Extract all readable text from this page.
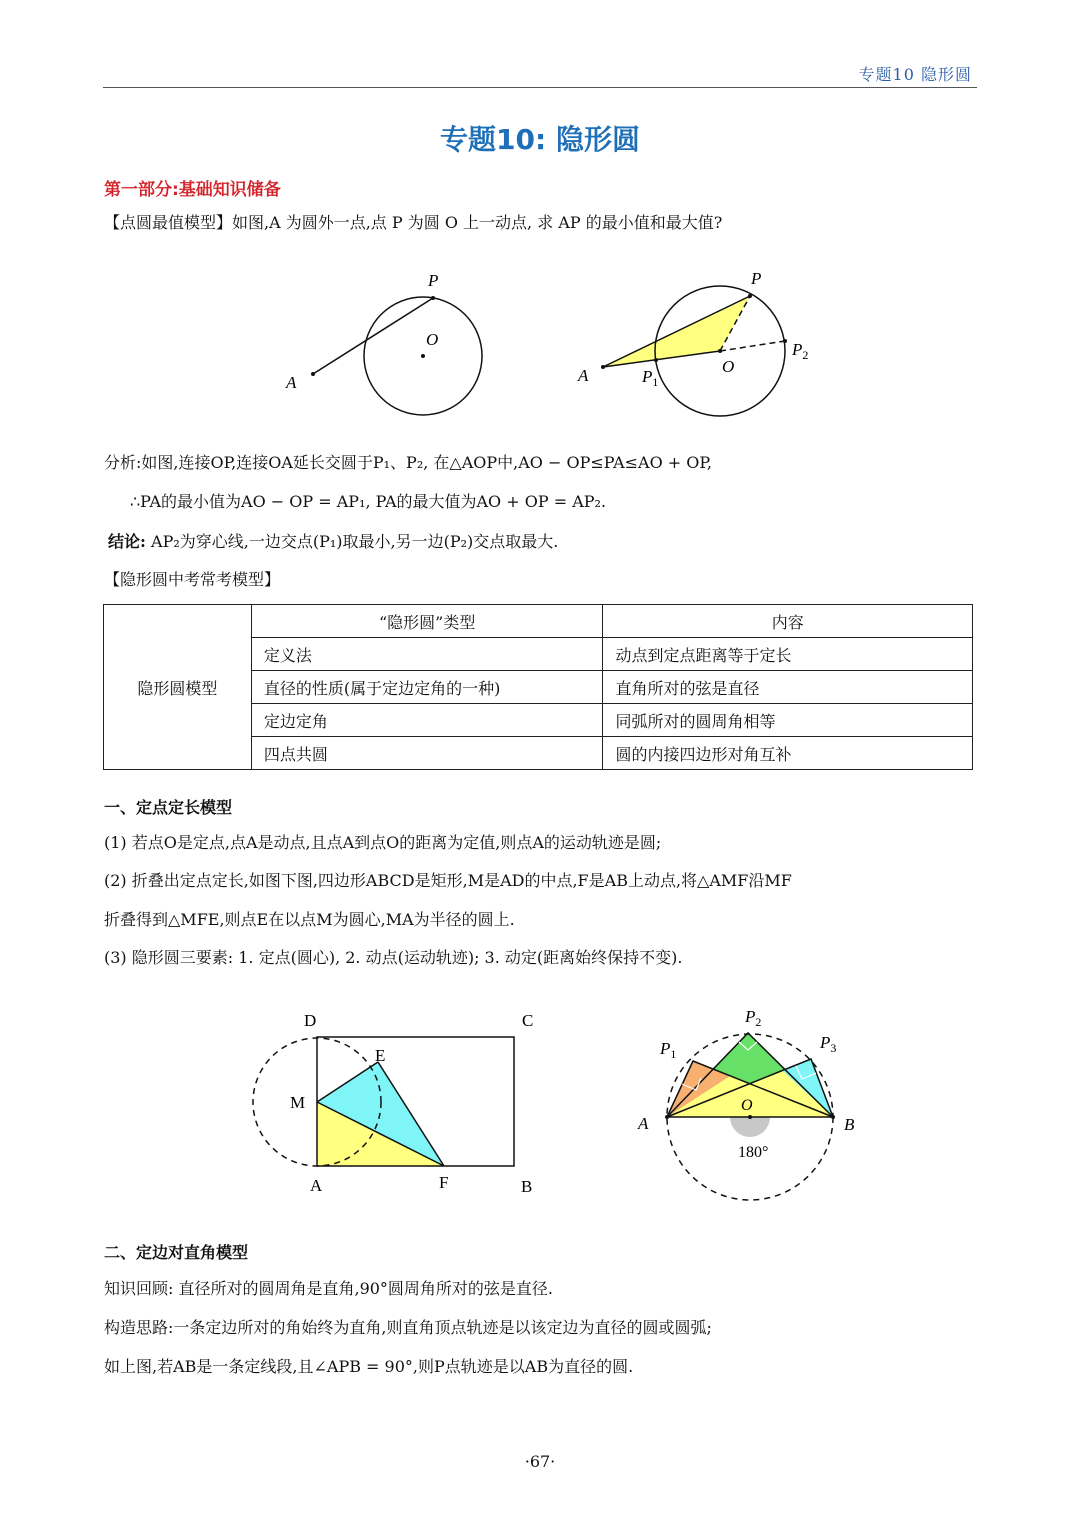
专题10 隐形圆
专题10: 隐形圆
第一部分:基础知识储备
【点圆最值模型】如图,A 为圆外一点,点 P 为圆 O 上一动点, 求 AP 的最小值和最大值?
P
O
A
P
O
A	$P_1$
$P_2$
分析:如图,连接OP,连接OA延长交圆于P₁、P₂, 在△AOP中,AO − OP≤PA≤AO + OP,
∴PA的最小值为AO − OP = AP₁, PA的最大值为AO + OP = AP₂.
结论: AP₂为穿心线,一边交点(P₁)取最小,另一边(P₂)交点取最大.
【隐形圆中考常考模型】
隐形圆模型	“隐形圆”类型	内容
	定义法	动点到定点距离等于定长
	直径的性质(属于定边定角的一种)	直角所对的弦是直径
	定边定角	同弧所对的圆周角相等
	四点共圆	圆的内接四边形对角互补
一、定点定长模型
(1) 若点O是定点,点A是动点,且点A到点O的距离为定值,则点A的运动轨迹是圆;
(2) 折叠出定点定长,如图下图,四边形ABCD是矩形,M是AD的中点,F是AB上动点,将△AMF沿MF
折叠得到△MFE,则点E在以点M为圆心,MA为半径的圆上.
(3) 隐形圆三要素: 1. 定点(圆心), 2. 动点(运动轨迹); 3. 动定(距离始终保持不变).
D	C
E
M
A	F	B
$P_2$
$P_1$
$P_3$
O
A	B
180°
二、定边对直角模型
知识回顾: 直径所对的圆周角是直角,90°圆周角所对的弦是直径.
构造思路:一条定边所对的角始终为直角,则直角顶点轨迹是以该定边为直径的圆或圆弧;
如上图,若AB是一条定线段,且∠APB = 90°,则P点轨迹是以AB为直径的圆.
·67·
